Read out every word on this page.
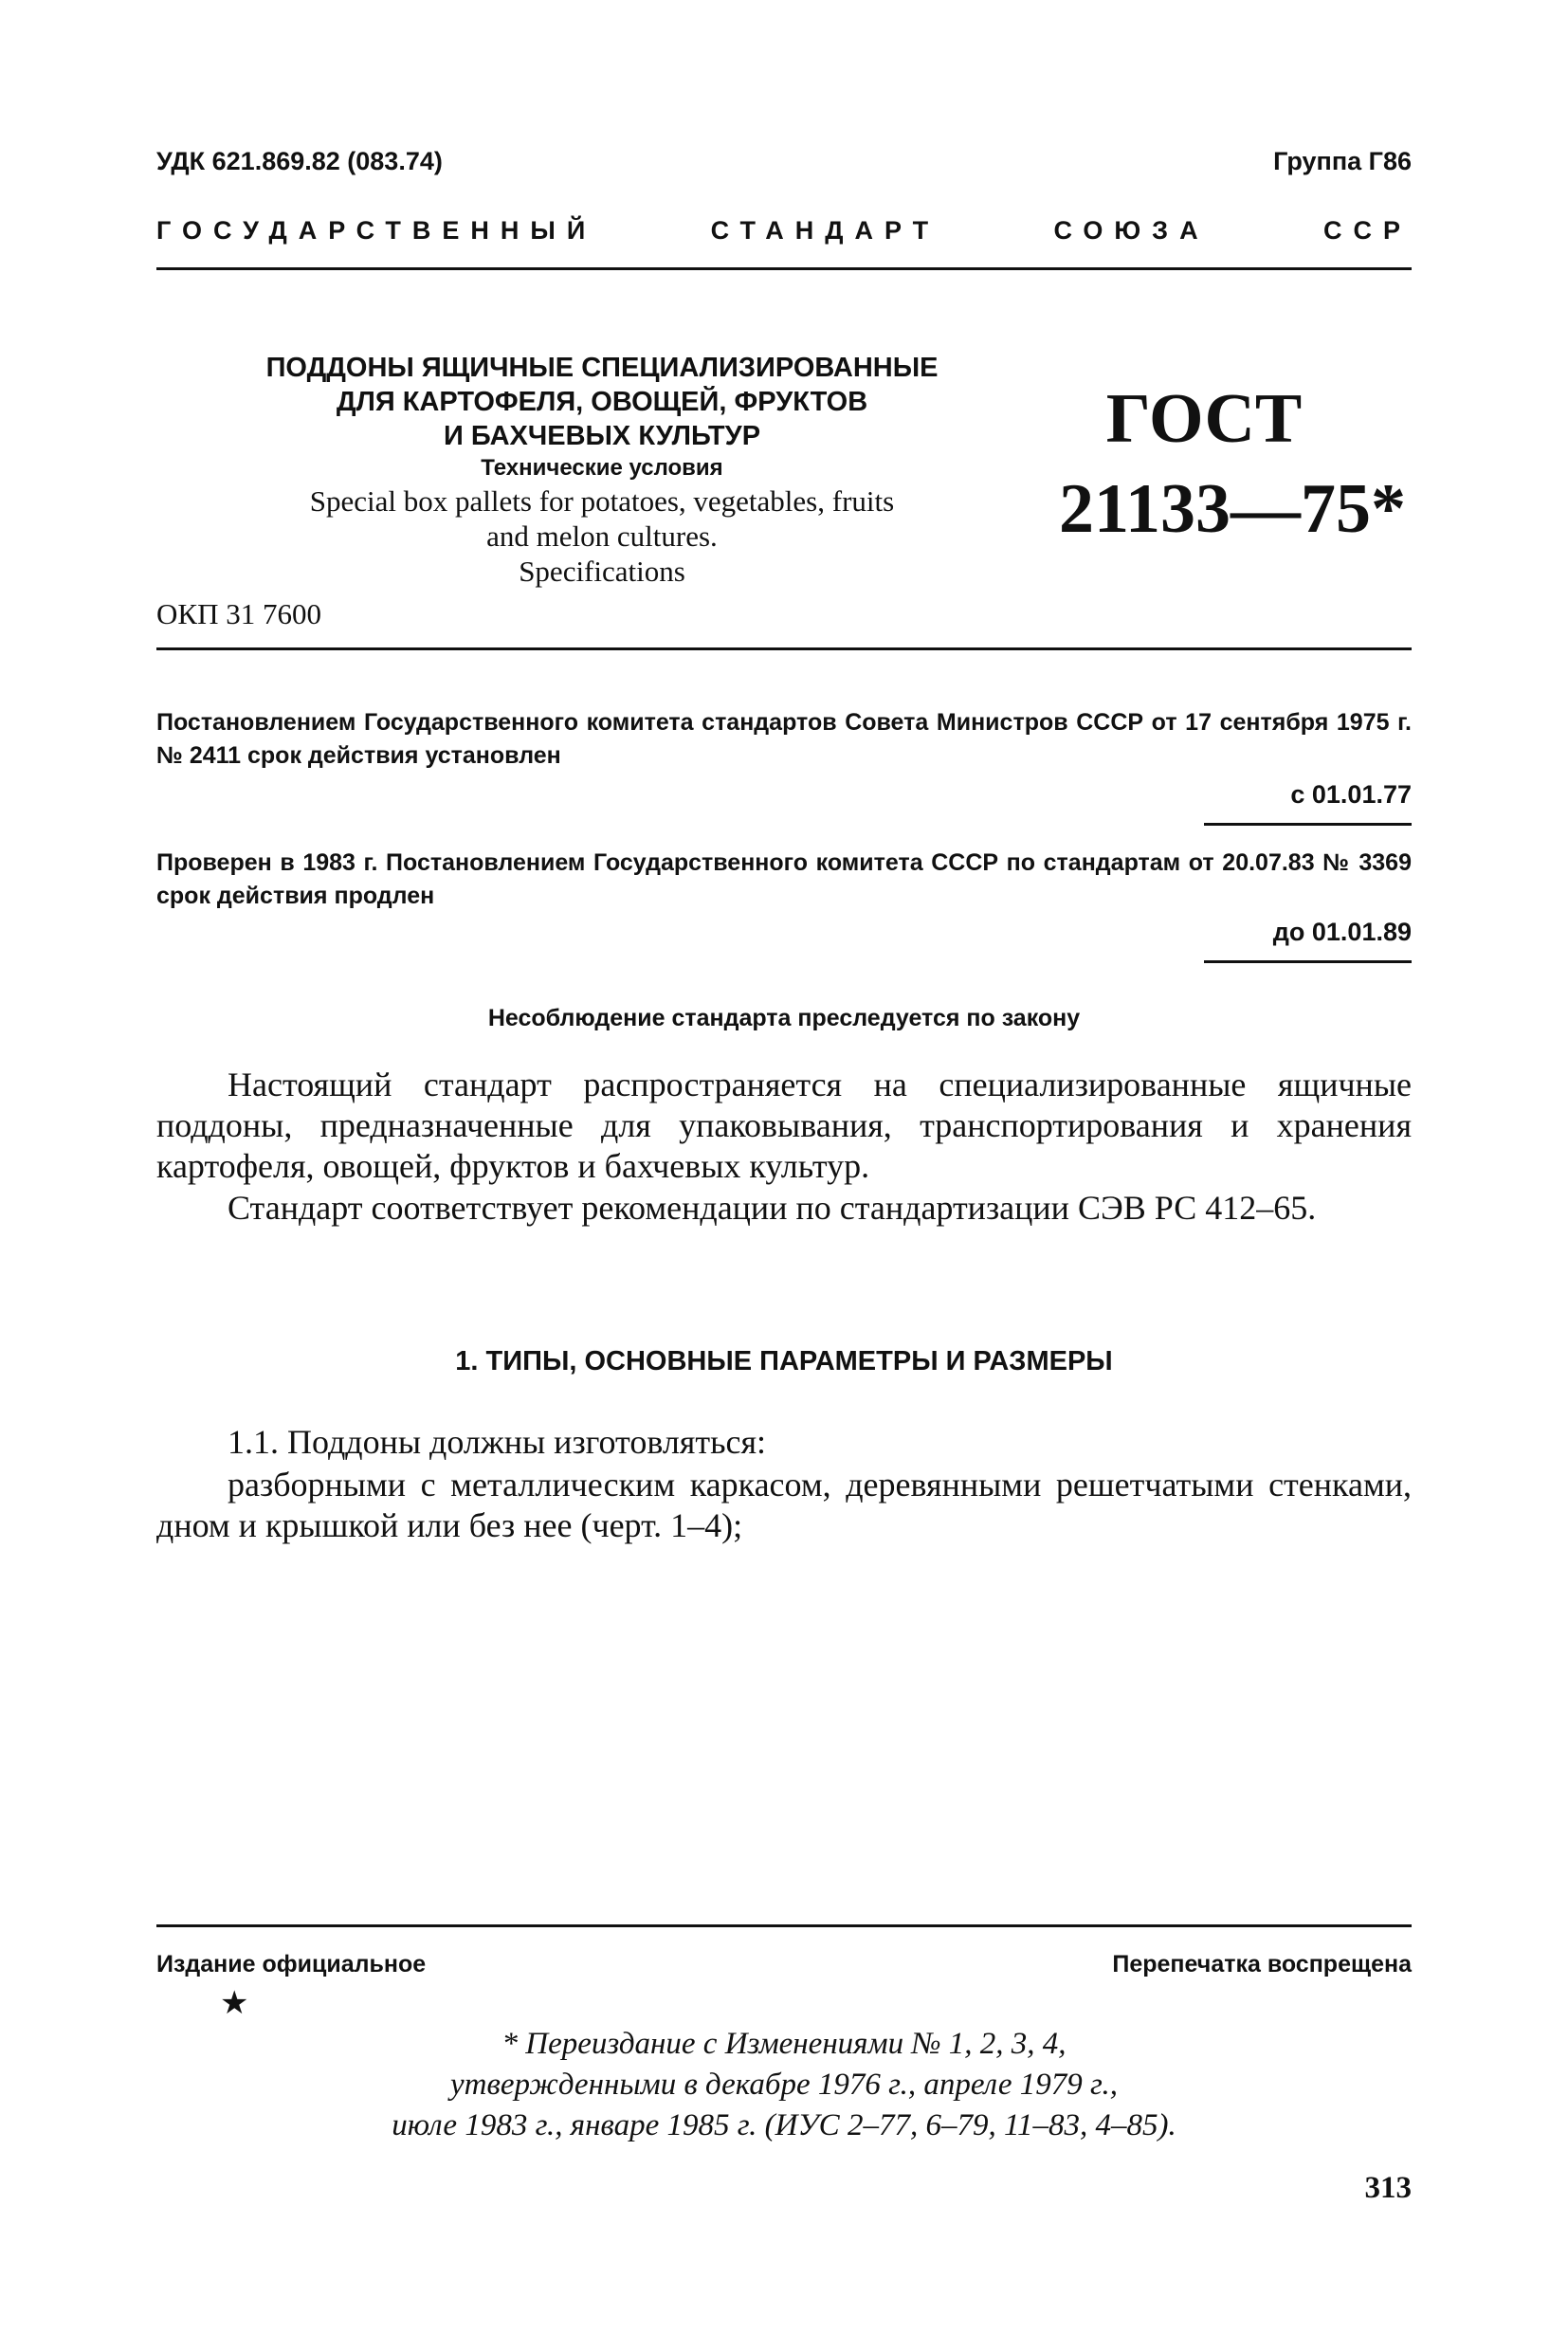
УДК 621.869.82 (083.74)	Группа Г86
ГОСУДАРСТВЕННЫЙ	СТАНДАРТ	СОЮЗА	ССР
ПОДДОНЫ ЯЩИЧНЫЕ СПЕЦИАЛИЗИРОВАННЫЕ
ДЛЯ КАРТОФЕЛЯ, ОВОЩЕЙ, ФРУКТОВ
И БАХЧЕВЫХ КУЛЬТУР
Технические условия
Special box pallets for potatoes, vegetables, fruits
and melon cultures.
Specifications
ГОСТ
21133—75*
ОКП 31 7600
Постановлением Государственного комитета стандартов Совета Министров СССР от 17 сентября 1975 г. № 2411 срок действия установлен
с 01.01.77
Проверен в 1983 г. Постановлением Государственного комитета СССР по стандартам от 20.07.83 № 3369 срок действия продлен
до 01.01.89
Несоблюдение стандарта преследуется по закону
Настоящий стандарт распространяется на специализированные ящичные поддоны, предназначенные для упаковывания, транспортирования и хранения картофеля, овощей, фруктов и бахчевых культур.
Стандарт соответствует рекомендации по стандартизации СЭВ РС 412–65.
1. ТИПЫ, ОСНОВНЫЕ ПАРАМЕТРЫ И РАЗМЕРЫ
1.1. Поддоны должны изготовляться:
разборными с металлическим каркасом, деревянными решетчатыми стенками, дном и крышкой или без нее (черт. 1–4);
Издание официальное	Перепечатка воспрещена
★
* Переиздание с Изменениями № 1, 2, 3, 4,
утвержденными в декабре 1976 г., апреле 1979 г.,
июле 1983 г., январе 1985 г. (ИУС 2–77, 6–79, 11–83, 4–85).
313
